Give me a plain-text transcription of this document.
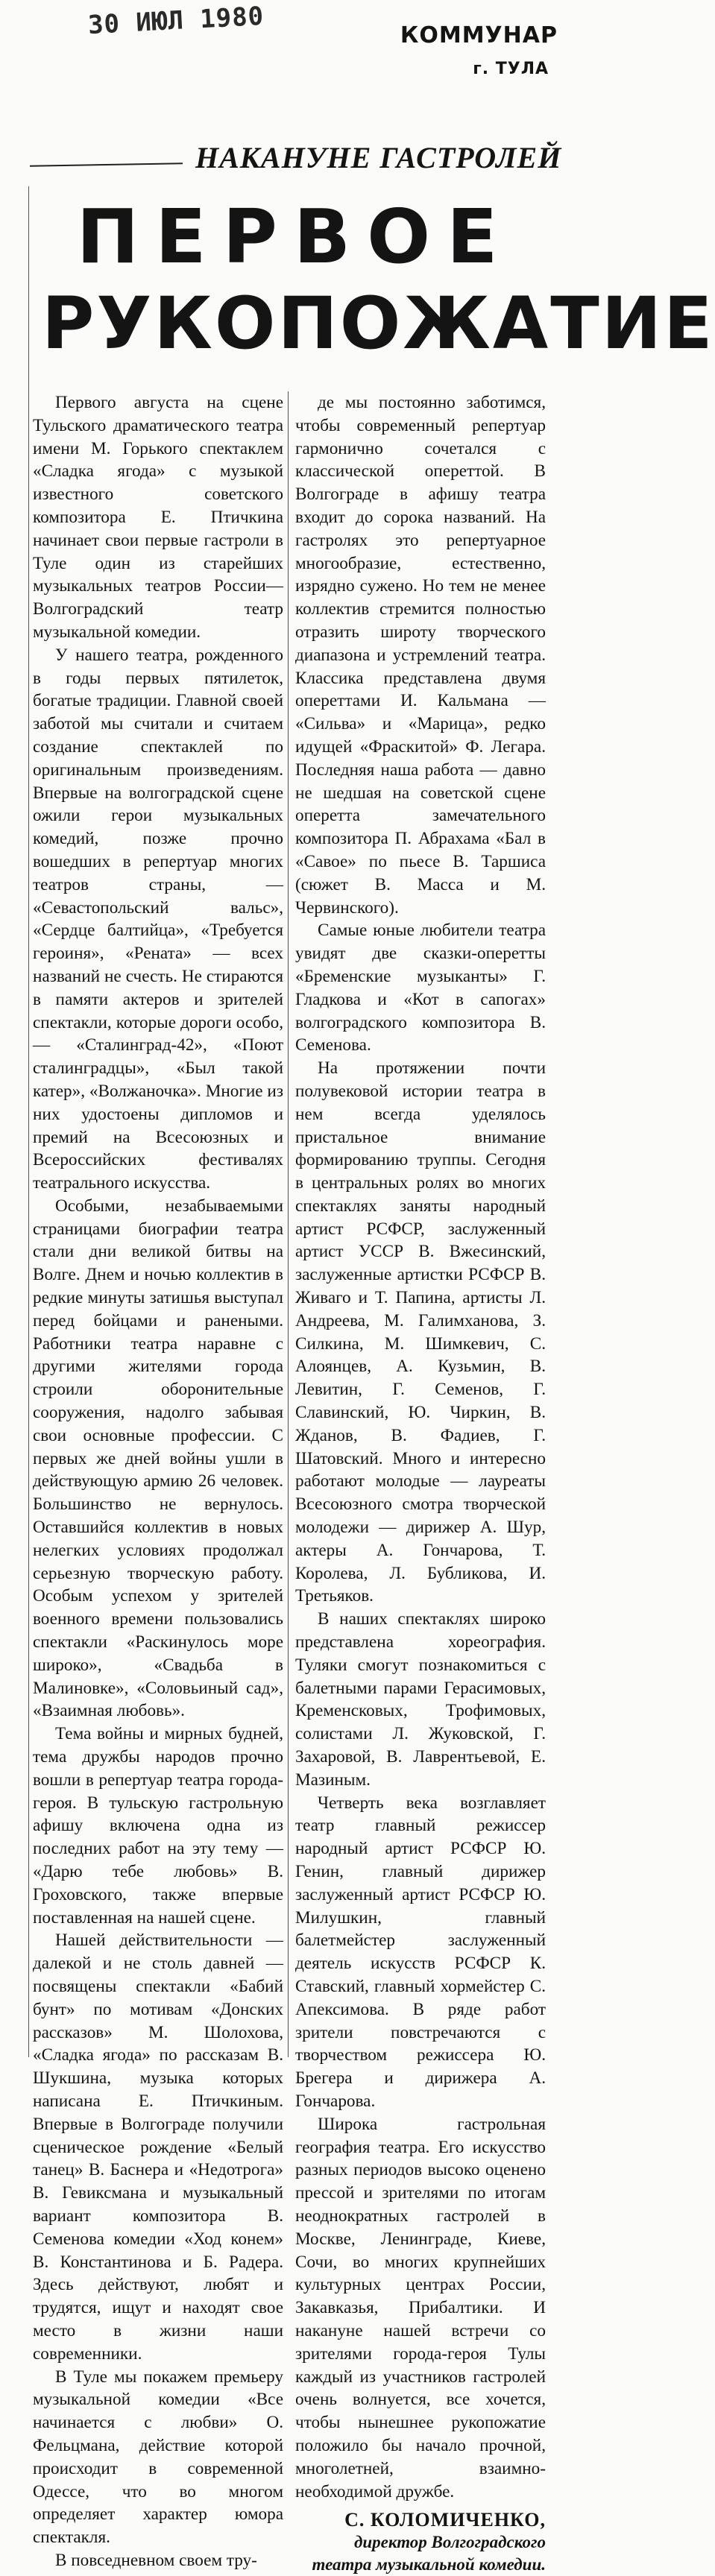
30 ИЮЛ 1980	КОММУНАР
г. ТУЛА
НАКАНУНЕ ГАСТРОЛЕЙ
ПЕРВОЕ
РУКОПОЖАТИЕ

Первого августа на сцене Тульского драматического театра имени М. Горького спектаклем «Сладка ягода» с музыкой известного советского композитора Е. Птичкина начинает свои первые гастроли в Туле один из старейших музыкальных театров России—Волгоградский театр музыкальной комедии.

У нашего театра, рожденного в годы первых пятилеток, богатые традиции. Главной своей заботой мы считали и считаем создание спектаклей по оригинальным произведениям. Впервые на волгоградской сцене ожили герои музыкальных комедий, позже прочно вошедших в репертуар многих театров страны, — «Севастопольский вальс», «Сердце балтийца», «Требуется героиня», «Рената» — всех названий не счесть. Не стираются в памяти актеров и зрителей спектакли, которые дороги особо, — «Сталинград-42», «Поют сталинградцы», «Был такой катер», «Волжаночка». Многие из них удостоены дипломов и премий на Всесоюзных и Всероссийских фестивалях театрального искусства.

Особыми, незабываемыми страницами биографии театра стали дни великой битвы на Волге. Днем и ночью коллектив в редкие минуты затишья выступал перед бойцами и ранеными. Работники театра наравне с другими жителями города строили оборонительные сооружения, надолго забывая свои основные профессии. С первых же дней войны ушли в действующую армию 26 человек. Большинство не вернулось. Оставшийся коллектив в новых нелегких условиях продолжал серьезную творческую работу. Особым успехом у зрителей военного времени пользовались спектакли «Раскинулось море широко», «Свадьба в Малиновке», «Соловьиный сад», «Взаимная любовь».

Тема войны и мирных будней, тема дружбы народов прочно вошли в репертуар театра города-героя. В тульскую гастрольную афишу включена одна из последних работ на эту тему — «Дарю тебе любовь» В. Гроховского, также впервые поставленная на нашей сцене.

Нашей действительности — далекой и не столь давней — посвящены спектакли «Бабий бунт» по мотивам «Донских рассказов» М. Шолохова, «Сладка ягода» по рассказам В. Шукшина, музыка которых написана Е. Птичкиным. Впервые в Волгограде получили сценическое рождение «Белый танец» В. Баснера и «Недотрога» В. Гевиксмана и музыкальный вариант композитора В. Семенова комедии «Ход конем» В. Константинова и Б. Радера. Здесь действуют, любят и трудятся, ищут и находят свое место в жизни наши современники.

В Туле мы покажем премьеру музыкальной комедии «Все начинается с любви» О. Фельцмана, действие которой происходит в современной Одессе, что во многом определяет характер юмора спектакля.

В повседневном своем тру-

де мы постоянно заботимся, чтобы современный репертуар гармонично сочетался с классической опереттой. В Волгограде в афишу театра входит до сорока названий. На гастролях это репертуарное многообразие, естественно, изрядно сужено. Но тем не менее коллектив стремится полностью отразить широту творческого диапазона и устремлений театра. Классика представлена двумя опереттами И. Кальмана — «Сильва» и «Марица», редко идущей «Фраскитой» Ф. Легара. Последняя наша работа — давно не шедшая на советской сцене оперетта замечательного композитора П. Абрахама «Бал в «Савое» по пьесе В. Таршиса (сюжет В. Масса и М. Червинского).

Самые юные любители театра увидят две сказки-оперетты «Бременские музыканты» Г. Гладкова и «Кот в сапогах» волгоградского композитора В. Семенова.

На протяжении почти полувековой истории театра в нем всегда уделялось пристальное внимание формированию труппы. Сегодня в центральных ролях во многих спектаклях заняты народный артист РСФСР, заслуженный артист УССР В. Вжесинский, заслуженные артистки РСФСР В. Живаго и Т. Папина, артисты Л. Андреева, М. Галимханова, З. Силкина, М. Шимкевич, С. Алоянцев, А. Кузьмин, В. Левитин, Г. Семенов, Г. Славинский, Ю. Чиркин, В. Жданов, В. Фадиев, Г. Шатовский. Много и интересно работают молодые — лауреаты Всесоюзного смотра творческой молодежи — дирижер А. Шур, актеры А. Гончарова, Т. Королева, Л. Бубликова, И. Третьяков.

В наших спектаклях широко представлена хореография. Туляки смогут познакомиться с балетными парами Герасимовых, Кременсковых, Трофимовых, солистами Л. Жуковской, Г. Захаровой, В. Лаврентьевой, Е. Мазиным.

Четверть века возглавляет театр главный режиссер народный артист РСФСР Ю. Генин, главный дирижер заслуженный артист РСФСР Ю. Милушкин, главный балетмейстер заслуженный деятель искусств РСФСР К. Ставский, главный хормейстер С. Апексимова. В ряде работ зрители повстречаются с творчеством режиссера Ю. Брегера и дирижера А. Гончарова.

Широка гастрольная география театра. Его искусство разных периодов высоко оценено прессой и зрителями по итогам неоднократных гастролей в Москве, Ленинграде, Киеве, Сочи, во многих крупнейших культурных центрах России, Закавказья, Прибалтики. И накануне нашей встречи со зрителями города-героя Тулы каждый из участников гастролей очень волнуется, все хочется, чтобы нынешнее рукопожатие положило бы начало прочной, многолетней, взаимно-необходимой дружбе.

С. КОЛОМИЧЕНКО,
директор Волгоградского театра музыкальной комедии.
